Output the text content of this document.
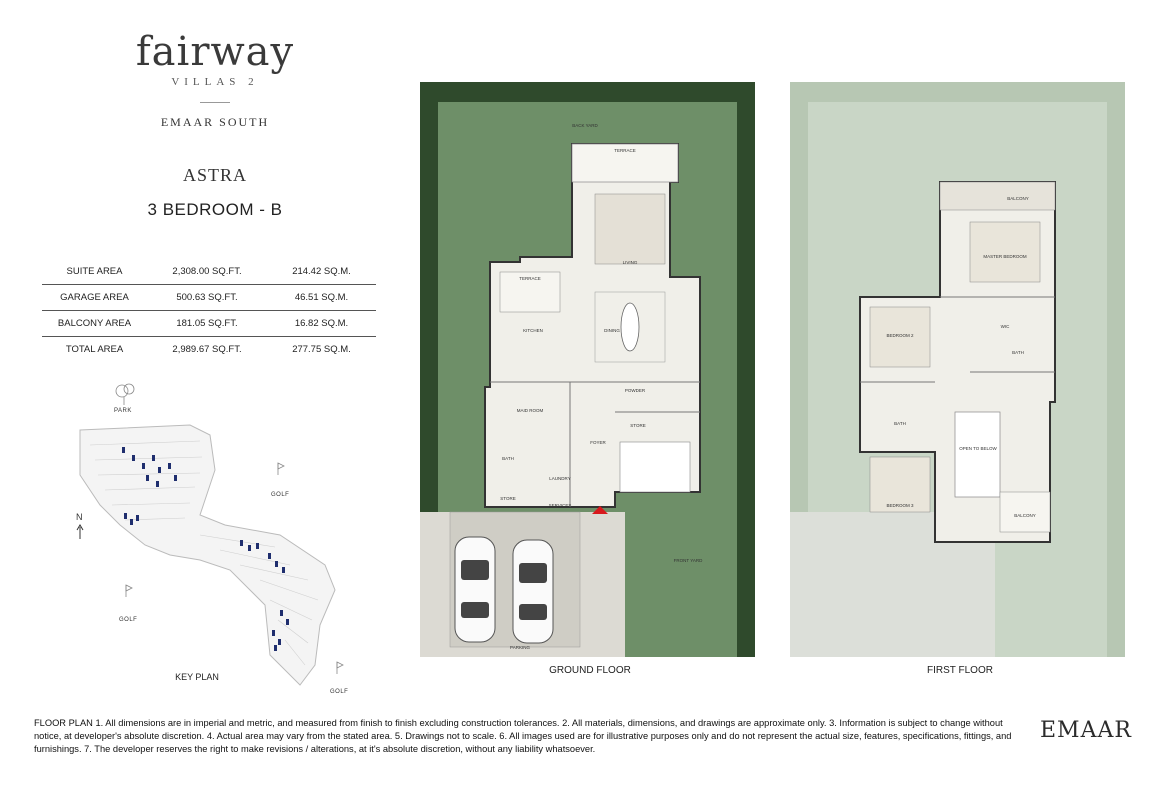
fairway
VILLAS 2
EMAAR SOUTH
ASTRA
3 BEDROOM - B
SUITE AREA	2,308.00 SQ.FT.	214.42 SQ.M.
GARAGE AREA	500.63 SQ.FT.	46.51 SQ.M.
BALCONY AREA	181.05 SQ.FT.	16.82 SQ.M.
TOTAL AREA	2,989.67 SQ.FT.	277.75 SQ.M.
PARK
GOLF
GOLF
GOLF
N
KEY PLAN
BACK YARD
TERRACE
LIVING
TERRACE
KITCHEN	DINING
POWDER
MAID ROOM
FOYER
BATH
STORE
LAUNDRY
STORE
SERVICES
FRONT YARD
PARKING
GROUND FLOOR
BALCONY
MASTER BEDROOM
WIC
BEDROOM 2
BATH
BATH
OPEN TO BELOW
BEDROOM 3
BALCONY
FIRST FLOOR
FLOOR PLAN 1. All dimensions are in imperial and metric, and measured from finish to finish excluding construction tolerances. 2. All materials, dimensions, and drawings are approximate only. 3. Information is subject to change without notice, at developer's absolute discretion. 4. Actual area may vary from the stated area. 5. Drawings not to scale. 6. All images used are for illustrative purposes only and do not represent the actual size, features, specifications, fittings, and furnishings. 7. The developer reserves the right to make revisions / alterations, at it's absolute discretion, without any liability whatsoever.
EMAAR
